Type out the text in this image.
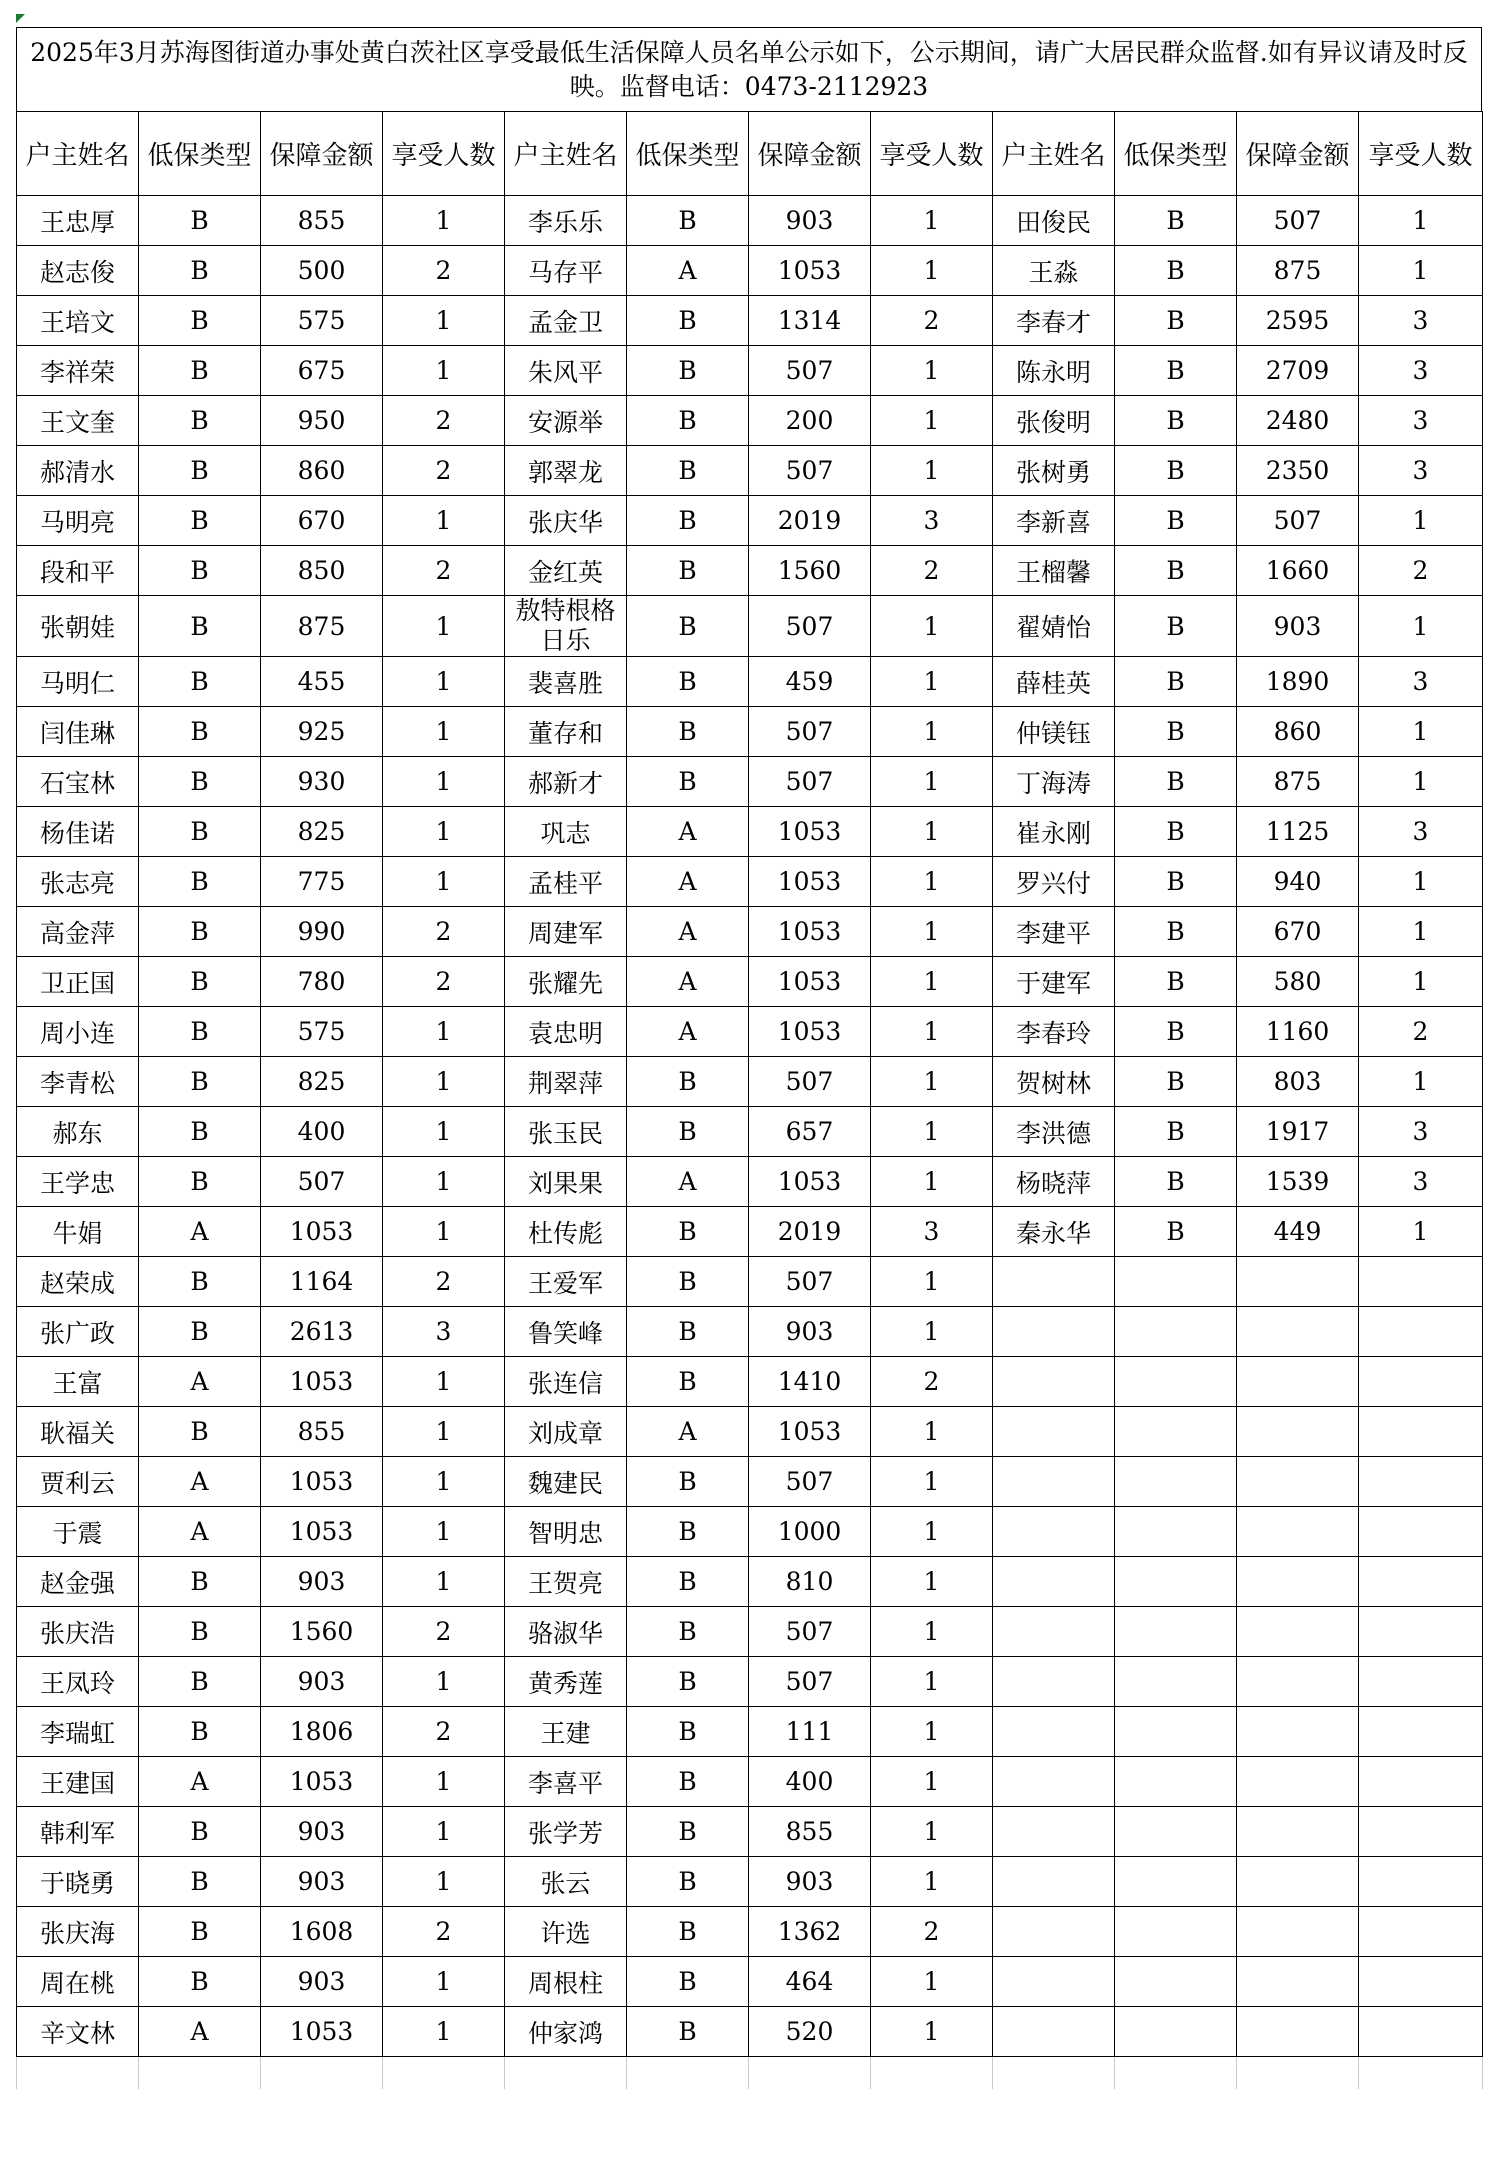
2025年3月苏海图街道办事处黄白茨社区享受最低生活保障人员名单公示如下，公示期间，请广大居民群众监督.如有异议请及时反映。监督电话：0473-2112923
户主姓名	低保类型	保障金额	享受人数	户主姓名	低保类型	保障金额	享受人数	户主姓名	低保类型	保障金额	享受人数
王忠厚	B	855	1	李乐乐	B	903	1	田俊民	B	507	1
赵志俊	B	500	2	马存平	A	1053	1	王淼	B	875	1
王培文	B	575	1	孟金卫	B	1314	2	李春才	B	2595	3
李祥荣	B	675	1	朱风平	B	507	1	陈永明	B	2709	3
王文奎	B	950	2	安源举	B	200	1	张俊明	B	2480	3
郝清水	B	860	2	郭翠龙	B	507	1	张树勇	B	2350	3
马明亮	B	670	1	张庆华	B	2019	3	李新喜	B	507	1
段和平	B	850	2	金红英	B	1560	2	王榴馨	B	1660	2
张朝娃	B	875	1	敖特根格日乐	B	507	1	翟婧怡	B	903	1
马明仁	B	455	1	裴喜胜	B	459	1	薛桂英	B	1890	3
闫佳琳	B	925	1	董存和	B	507	1	仲镁钰	B	860	1
石宝林	B	930	1	郝新才	B	507	1	丁海涛	B	875	1
杨佳诺	B	825	1	巩志	A	1053	1	崔永刚	B	1125	3
张志亮	B	775	1	孟桂平	A	1053	1	罗兴付	B	940	1
高金萍	B	990	2	周建军	A	1053	1	李建平	B	670	1
卫正国	B	780	2	张耀先	A	1053	1	于建军	B	580	1
周小连	B	575	1	袁忠明	A	1053	1	李春玲	B	1160	2
李青松	B	825	1	荆翠萍	B	507	1	贺树林	B	803	1
郝东	B	400	1	张玉民	B	657	1	李洪德	B	1917	3
王学忠	B	507	1	刘果果	A	1053	1	杨晓萍	B	1539	3
牛娟	A	1053	1	杜传彪	B	2019	3	秦永华	B	449	1
赵荣成	B	1164	2	王爱军	B	507	1				
张广政	B	2613	3	鲁笑峰	B	903	1				
王富	A	1053	1	张连信	B	1410	2				
耿福关	B	855	1	刘成章	A	1053	1				
贾利云	A	1053	1	魏建民	B	507	1				
于震	A	1053	1	智明忠	B	1000	1				
赵金强	B	903	1	王贺亮	B	810	1				
张庆浩	B	1560	2	骆淑华	B	507	1				
王凤玲	B	903	1	黄秀莲	B	507	1				
李瑞虹	B	1806	2	王建	B	111	1				
王建国	A	1053	1	李喜平	B	400	1				
韩利军	B	903	1	张学芳	B	855	1				
于晓勇	B	903	1	张云	B	903	1				
张庆海	B	1608	2	许选	B	1362	2				
周在桃	B	903	1	周根柱	B	464	1				
辛文林	A	1053	1	仲家鸿	B	520	1				
